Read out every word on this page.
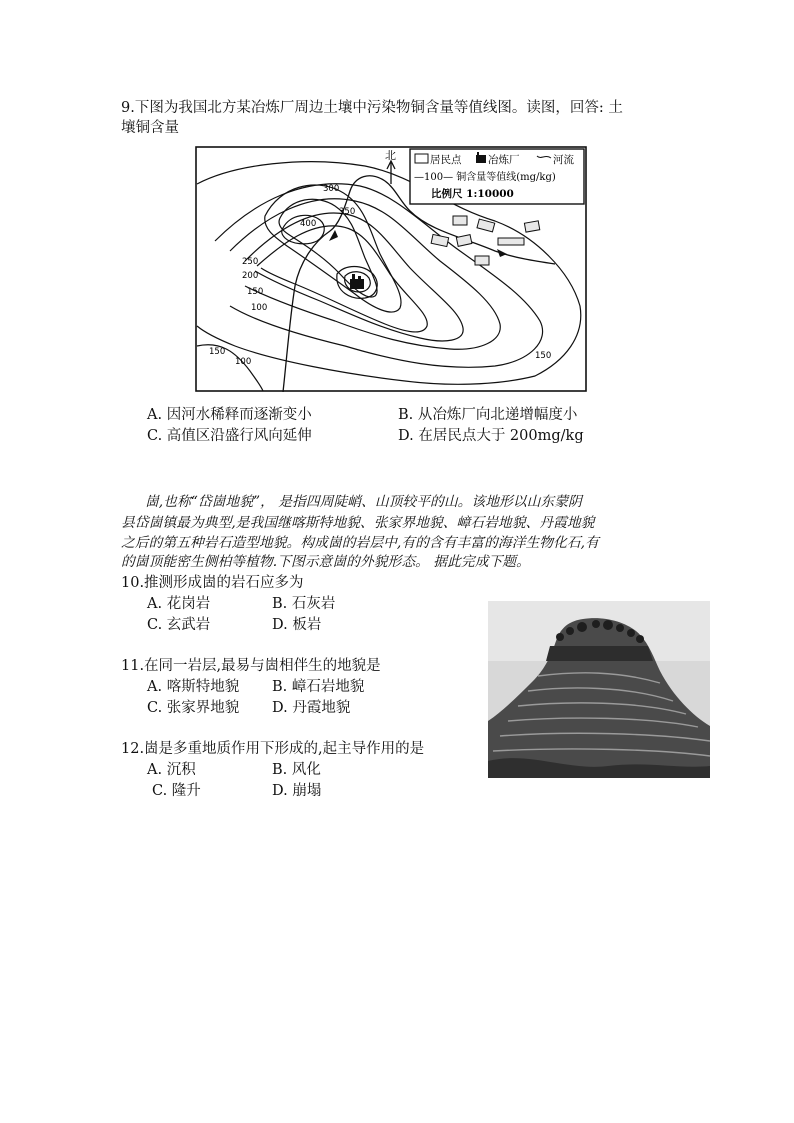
9.下图为我国北方某冶炼厂周边土壤中污染物铜含量等值线图。读图，回答: 土
壤铜含量
居民点	冶炼厂	河流
—100— 铜含量等值线(mg/kg)
比例尺 1:10000
北
300
350
400
250
200
150
100
150
100
150
A. 因河水稀释而逐渐变小	B. 从冶炼厂向北递增幅度小
C. 高值区沿盛行风向延伸	D. 在居民点大于 200mg/kg
崮,也称“岱崮地貌”， 是指四周陡峭、山顶较平的山。该地形以山东蒙阴
县岱崮镇最为典型,是我国继喀斯特地貌、张家界地貌、嶂石岩地貌、丹霞地貌
之后的第五种岩石造型地貌。构成崮的岩层中,有的含有丰富的海洋生物化石,有
的崮顶能密生侧柏等植物.下图示意崮的外貌形态。 据此完成下题。
10.推测形成崮的岩石应多为
A. 花岗岩	B. 石灰岩
C. 玄武岩	D. 板岩
11.在同一岩层,最易与崮相伴生的地貌是
A. 喀斯特地貌 B. 嶂石岩地貌
C. 张家界地貌 D. 丹霞地貌
12.崮是多重地质作用下形成的,起主导作用的是
A. 沉积	B. 风化
C. 隆升	D. 崩塌
